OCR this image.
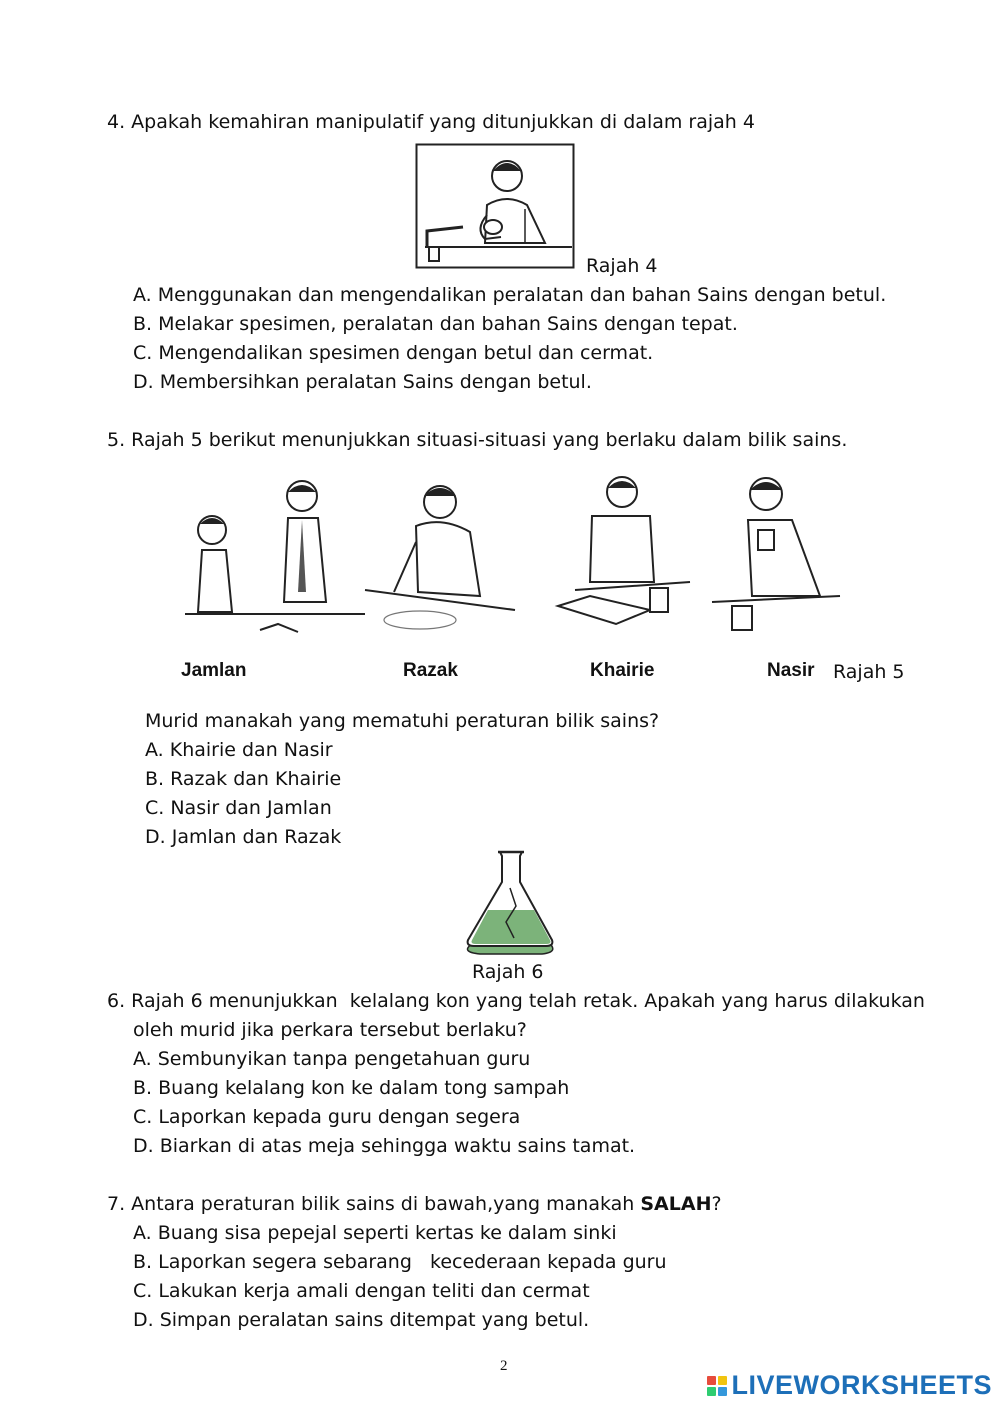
4. Apakah kemahiran manipulatif yang ditunjukkan di dalam rajah 4
Rajah 4
A. Menggunakan dan mengendalikan peralatan dan bahan Sains dengan betul.
B. Melakar spesimen, peralatan dan bahan Sains dengan tepat.
C. Mengendalikan spesimen dengan betul dan cermat.
D. Membersihkan peralatan Sains dengan betul.
5. Rajah 5 berikut menunjukkan situasi-situasi yang berlaku dalam bilik sains.
Jamlan	Razak	Khairie	Nasir Rajah 5
Murid manakah yang mematuhi peraturan bilik sains?
A. Khairie dan Nasir
B. Razak dan Khairie
C. Nasir dan Jamlan
D. Jamlan dan Razak
Rajah 6
6. Rajah 6 menunjukkan  kelalang kon yang telah retak. Apakah yang harus dilakukan
oleh murid jika perkara tersebut berlaku?
A. Sembunyikan tanpa pengetahuan guru
B. Buang kelalang kon ke dalam tong sampah
C. Laporkan kepada guru dengan segera
D. Biarkan di atas meja sehingga waktu sains tamat.
7. Antara peraturan bilik sains di bawah,yang manakah SALAH?
A. Buang sisa pepejal seperti kertas ke dalam sinki
B. Laporkan segera sebarang   kecederaan kepada guru
C. Lakukan kerja amali dengan teliti dan cermat
D. Simpan peralatan sains ditempat yang betul.
2
LIVEWORKSHEETS
